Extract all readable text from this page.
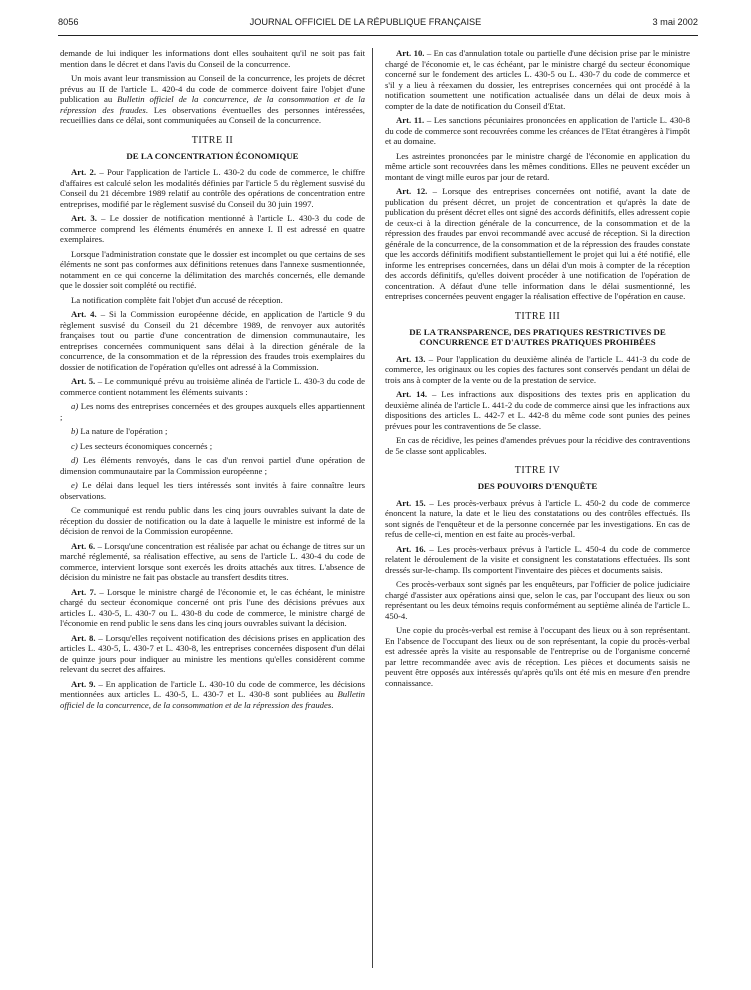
8056	JOURNAL OFFICIEL DE LA RÉPUBLIQUE FRANÇAISE	3 mai 2002

demande de lui indiquer les informations dont elles souhaitent qu'il ne soit pas fait mention dans le décret et dans l'avis du Conseil de la concurrence.

Un mois avant leur transmission au Conseil de la concurrence, les projets de décret prévus au II de l'article L. 420-4 du code de commerce doivent faire l'objet d'une publication au Bulletin officiel de la concurrence, de la consommation et de la répression des fraudes. Les observations éventuelles des personnes intéressées, recueillies dans ce délai, sont communiquées au Conseil de la concurrence.

TITRE II
DE LA CONCENTRATION ÉCONOMIQUE

Art. 2. – Pour l'application de l'article L. 430-2 du code de commerce, le chiffre d'affaires est calculé selon les modalités définies par l'article 5 du règlement susvisé du Conseil du 21 décembre 1989 relatif au contrôle des opérations de concentration entre entreprises, modifié par le règlement susvisé du Conseil du 30 juin 1997.

Art. 3. – Le dossier de notification mentionné à l'article L. 430-3 du code de commerce comprend les éléments énumérés en annexe I. Il est adressé en quatre exemplaires.

Lorsque l'administration constate que le dossier est incomplet ou que certains de ses éléments ne sont pas conformes aux définitions retenues dans l'annexe susmentionnée, notamment en ce qui concerne la délimitation des marchés concernés, elle demande que le dossier soit complété ou rectifié.

La notification complète fait l'objet d'un accusé de réception.

Art. 4. – Si la Commission européenne décide, en application de l'article 9 du règlement susvisé du Conseil du 21 décembre 1989, de renvoyer aux autorités françaises tout ou partie d'une concentration de dimension communautaire, les entreprises concernées communiquent sans délai à la direction générale de la concurrence, de la consommation et de la répression des fraudes trois exemplaires du dossier de notification de l'opération qu'elles ont adressé à la Commission.

Art. 5. – Le communiqué prévu au troisième alinéa de l'article L. 430-3 du code de commerce contient notamment les éléments suivants :

a) Les noms des entreprises concernées et des groupes auxquels elles appartiennent ;

b) La nature de l'opération ;

c) Les secteurs économiques concernés ;

d) Les éléments renvoyés, dans le cas d'un renvoi partiel d'une opération de dimension communautaire par la Commission européenne ;

e) Le délai dans lequel les tiers intéressés sont invités à faire connaître leurs observations.

Ce communiqué est rendu public dans les cinq jours ouvrables suivant la date de réception du dossier de notification ou la date à laquelle le ministre est informé de la décision de renvoi de la Commission européenne.

Art. 6. – Lorsqu'une concentration est réalisée par achat ou échange de titres sur un marché réglementé, sa réalisation effective, au sens de l'article L. 430-4 du code de commerce, intervient lorsque sont exercés les droits attachés aux titres. L'absence de décision du ministre ne fait pas obstacle au transfert desdits titres.

Art. 7. – Lorsque le ministre chargé de l'économie et, le cas échéant, le ministre chargé du secteur économique concerné ont pris l'une des décisions prévues aux articles L. 430-5, L. 430-7 ou L. 430-8 du code de commerce, le ministre chargé de l'économie en rend public le sens dans les cinq jours ouvrables suivant la décision.

Art. 8. – Lorsqu'elles reçoivent notification des décisions prises en application des articles L. 430-5, L. 430-7 et L. 430-8, les entreprises concernées disposent d'un délai de quinze jours pour indiquer au ministre les mentions qu'elles considèrent comme relevant du secret des affaires.

Art. 9. – En application de l'article L. 430-10 du code de commerce, les décisions mentionnées aux articles L. 430-5, L. 430-7 et L. 430-8 sont publiées au Bulletin officiel de la concurrence, de la consommation et de la répression des fraudes.

Art. 10. – En cas d'annulation totale ou partielle d'une décision prise par le ministre chargé de l'économie et, le cas échéant, par le ministre chargé du secteur économique concerné sur le fondement des articles L. 430-5 ou L. 430-7 du code de commerce et s'il y a lieu à réexamen du dossier, les entreprises concernées qui ont procédé à la notification soumettent une notification actualisée dans un délai de deux mois à compter de la date de notification du Conseil d'Etat.

Art. 11. – Les sanctions pécuniaires prononcées en application de l'article L. 430-8 du code de commerce sont recouvrées comme les créances de l'Etat étrangères à l'impôt et au domaine.

Les astreintes prononcées par le ministre chargé de l'économie en application du même article sont recouvrées dans les mêmes conditions. Elles ne peuvent excéder un montant de vingt mille euros par jour de retard.

Art. 12. – Lorsque des entreprises concernées ont notifié, avant la date de publication du présent décret, un projet de concentration et qu'après la date de publication du présent décret elles ont signé des accords définitifs, elles adressent copie de ceux-ci à la direction générale de la concurrence, de la consommation et de la répression des fraudes par envoi recommandé avec accusé de réception. Si la direction générale de la concurrence, de la consommation et de la répression des fraudes constate que les accords définitifs modifient substantiellement le projet qui lui a été notifié, elle informe les entreprises concernées, dans un délai d'un mois à compter de la réception des accords définitifs, qu'elles doivent procéder à une notification de l'opération de concentration. A défaut d'une telle information dans le délai susmentionné, les entreprises concernées peuvent engager la réalisation effective de l'opération en cause.

TITRE III
DE LA TRANSPARENCE, DES PRATIQUES RESTRICTIVES DE CONCURRENCE ET D'AUTRES PRATIQUES PROHIBÉES

Art. 13. – Pour l'application du deuxième alinéa de l'article L. 441-3 du code de commerce, les originaux ou les copies des factures sont conservés pendant un délai de trois ans à compter de la vente ou de la prestation de service.

Art. 14. – Les infractions aux dispositions des textes pris en application du deuxième alinéa de l'article L. 441-2 du code de commerce ainsi que les infractions aux dispositions des articles L. 442-7 et L. 442-8 du même code sont punies des peines prévues pour les contraventions de 5e classe.

En cas de récidive, les peines d'amendes prévues pour la récidive des contraventions de 5e classe sont applicables.

TITRE IV
DES POUVOIRS D'ENQUÊTE

Art. 15. – Les procès-verbaux prévus à l'article L. 450-2 du code de commerce énoncent la nature, la date et le lieu des constatations ou des contrôles effectués. Ils sont signés de l'enquêteur et de la personne concernée par les investigations. En cas de refus de celle-ci, mention en est faite au procès-verbal.

Art. 16. – Les procès-verbaux prévus à l'article L. 450-4 du code de commerce relatent le déroulement de la visite et consignent les constatations effectuées. Ils sont dressés sur-le-champ. Ils comportent l'inventaire des pièces et documents saisis.

Ces procès-verbaux sont signés par les enquêteurs, par l'officier de police judiciaire chargé d'assister aux opérations ainsi que, selon le cas, par l'occupant des lieux ou son représentant ou les deux témoins requis conformément au septième alinéa de l'article L. 450-4.

Une copie du procès-verbal est remise à l'occupant des lieux ou à son représentant. En l'absence de l'occupant des lieux ou de son représentant, la copie du procès-verbal est adressée après la visite au responsable de l'entreprise ou de l'organisme concerné par lettre recommandée avec avis de réception. Les pièces et documents saisis ne peuvent être opposés aux intéressés qu'après qu'ils ont été mis en mesure d'en prendre connaissance.
